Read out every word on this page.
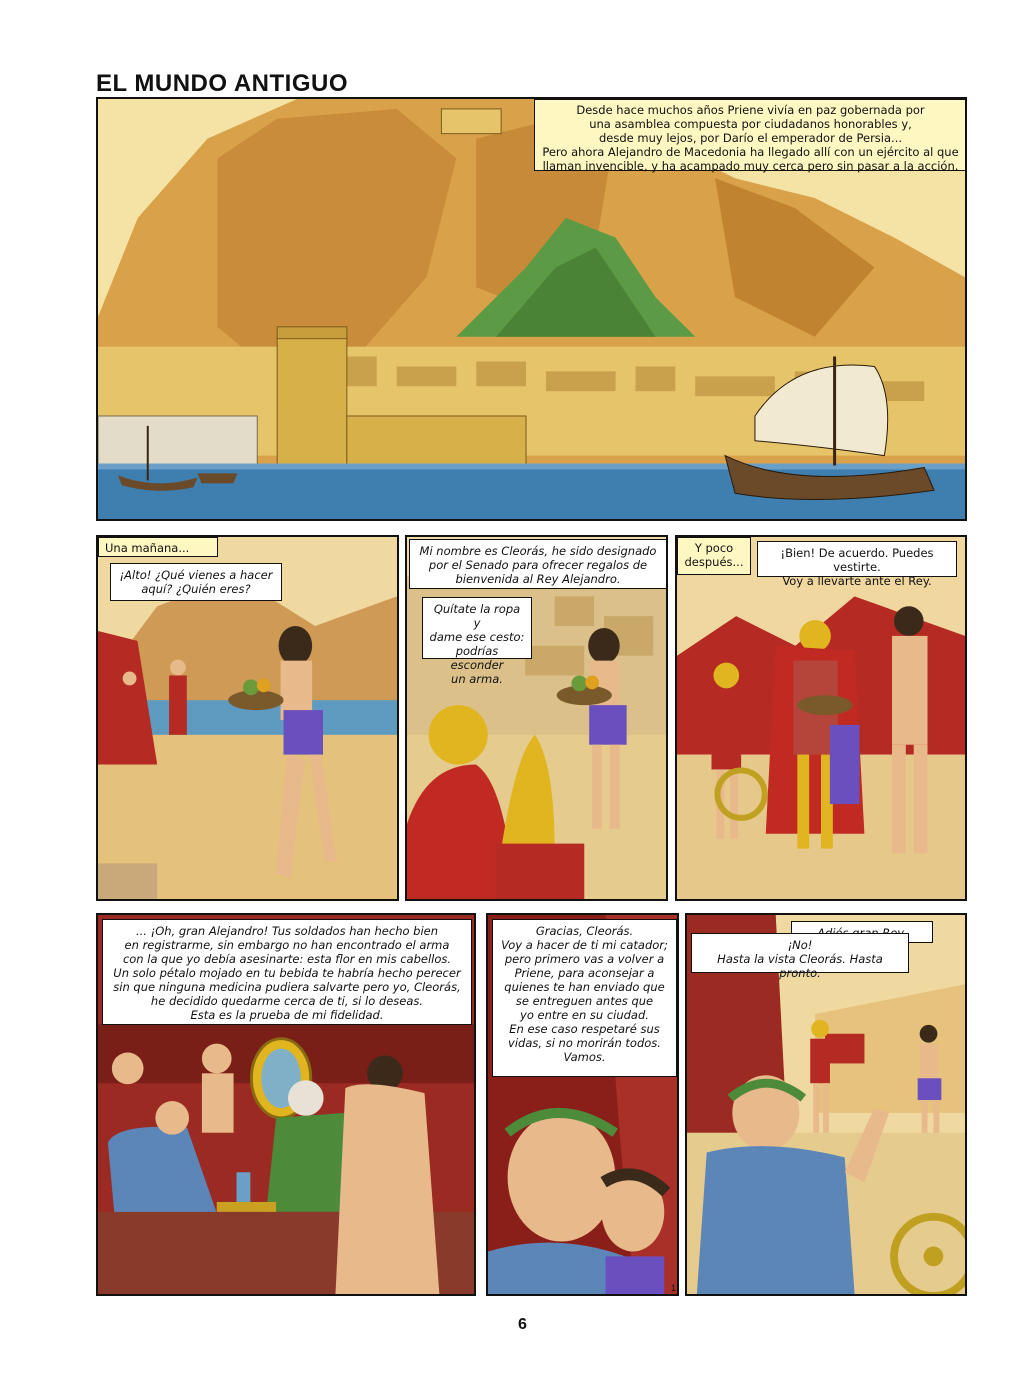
EL MUNDO ANTIGUO
Desde hace muchos años Priene vivía en paz gobernada por
una asamblea compuesta por ciudadanos honorables y,
desde muy lejos, por Darío el emperador de Persia...
Pero ahora Alejandro de Macedonia ha llegado allí con un ejército al que
llaman invencible, y ha acampado muy cerca pero sin pasar a la acción.
Una mañana...
¡Alto! ¿Qué vienes a hacer
aquí? ¿Quién eres?
Mi nombre es Cleorás, he sido designado
por el Senado para ofrecer regalos de
bienvenida al Rey Alejandro.
Quítate la ropa y
dame ese cesto:
podrías esconder
un arma.
Y poco
después...
¡Bien! De acuerdo. Puedes vestirte.
Voy a llevarte ante el Rey.
... ¡Oh, gran Alejandro! Tus soldados han hecho bien
en registrarme, sin embargo no han encontrado el arma
con la que yo debía asesinarte: esta flor en mis cabellos.
Un solo pétalo mojado en tu bebida te habría hecho perecer
sin que ninguna medicina pudiera salvarte pero yo, Cleorás,
he decidido quedarme cerca de ti, si lo deseas.
Esta es la prueba de mi fidelidad.
Gracias, Cleorás.
Voy a hacer de ti mi catador;
pero primero vas a volver a
Priene, para aconsejar a
quienes te han enviado que
se entreguen antes que
yo entre en su ciudad.
En ese caso respetaré sus
vidas, si no morirán todos.
Vamos.
1
¡No!
Hasta la vista Cleorás. Hasta pronto.
6
